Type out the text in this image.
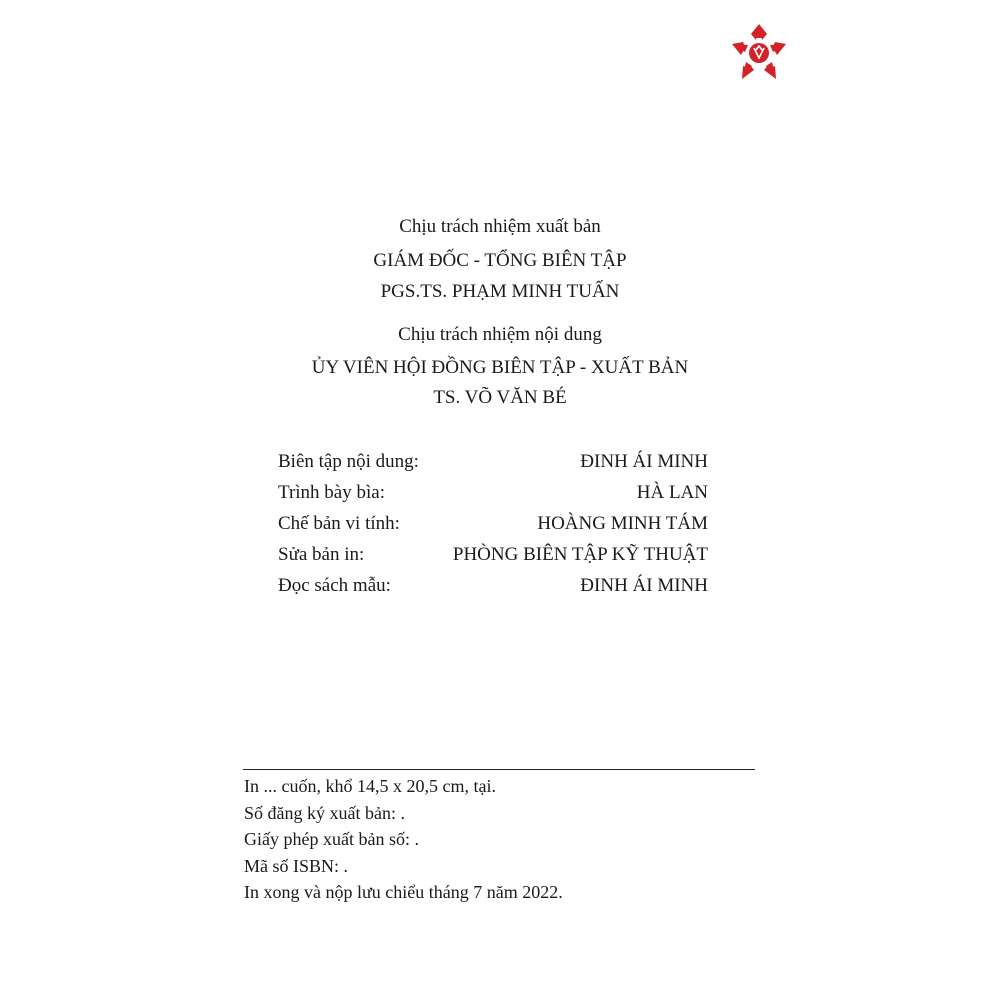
Chịu trách nhiệm xuất bản
GIÁM ĐỐC - TỔNG BIÊN TẬP
PGS.TS. PHẠM MINH TUẤN
Chịu trách nhiệm nội dung
ỦY VIÊN HỘI ĐỒNG BIÊN TẬP - XUẤT BẢN
TS. VÕ VĂN BÉ
Biên tập nội dung:	ĐINH ÁI MINH
Trình bày bìa:	HÀ LAN
Chế bản vi tính:	HOÀNG MINH TÁM
Sửa bản in:	PHÒNG BIÊN TẬP KỸ THUẬT
Đọc sách mẫu:	ĐINH ÁI MINH
In ... cuốn, khổ 14,5 x 20,5 cm, tại.
Số đăng ký xuất bản: .
Giấy phép xuất bản số: .
Mã số ISBN: .
In xong và nộp lưu chiểu tháng 7 năm 2022.
